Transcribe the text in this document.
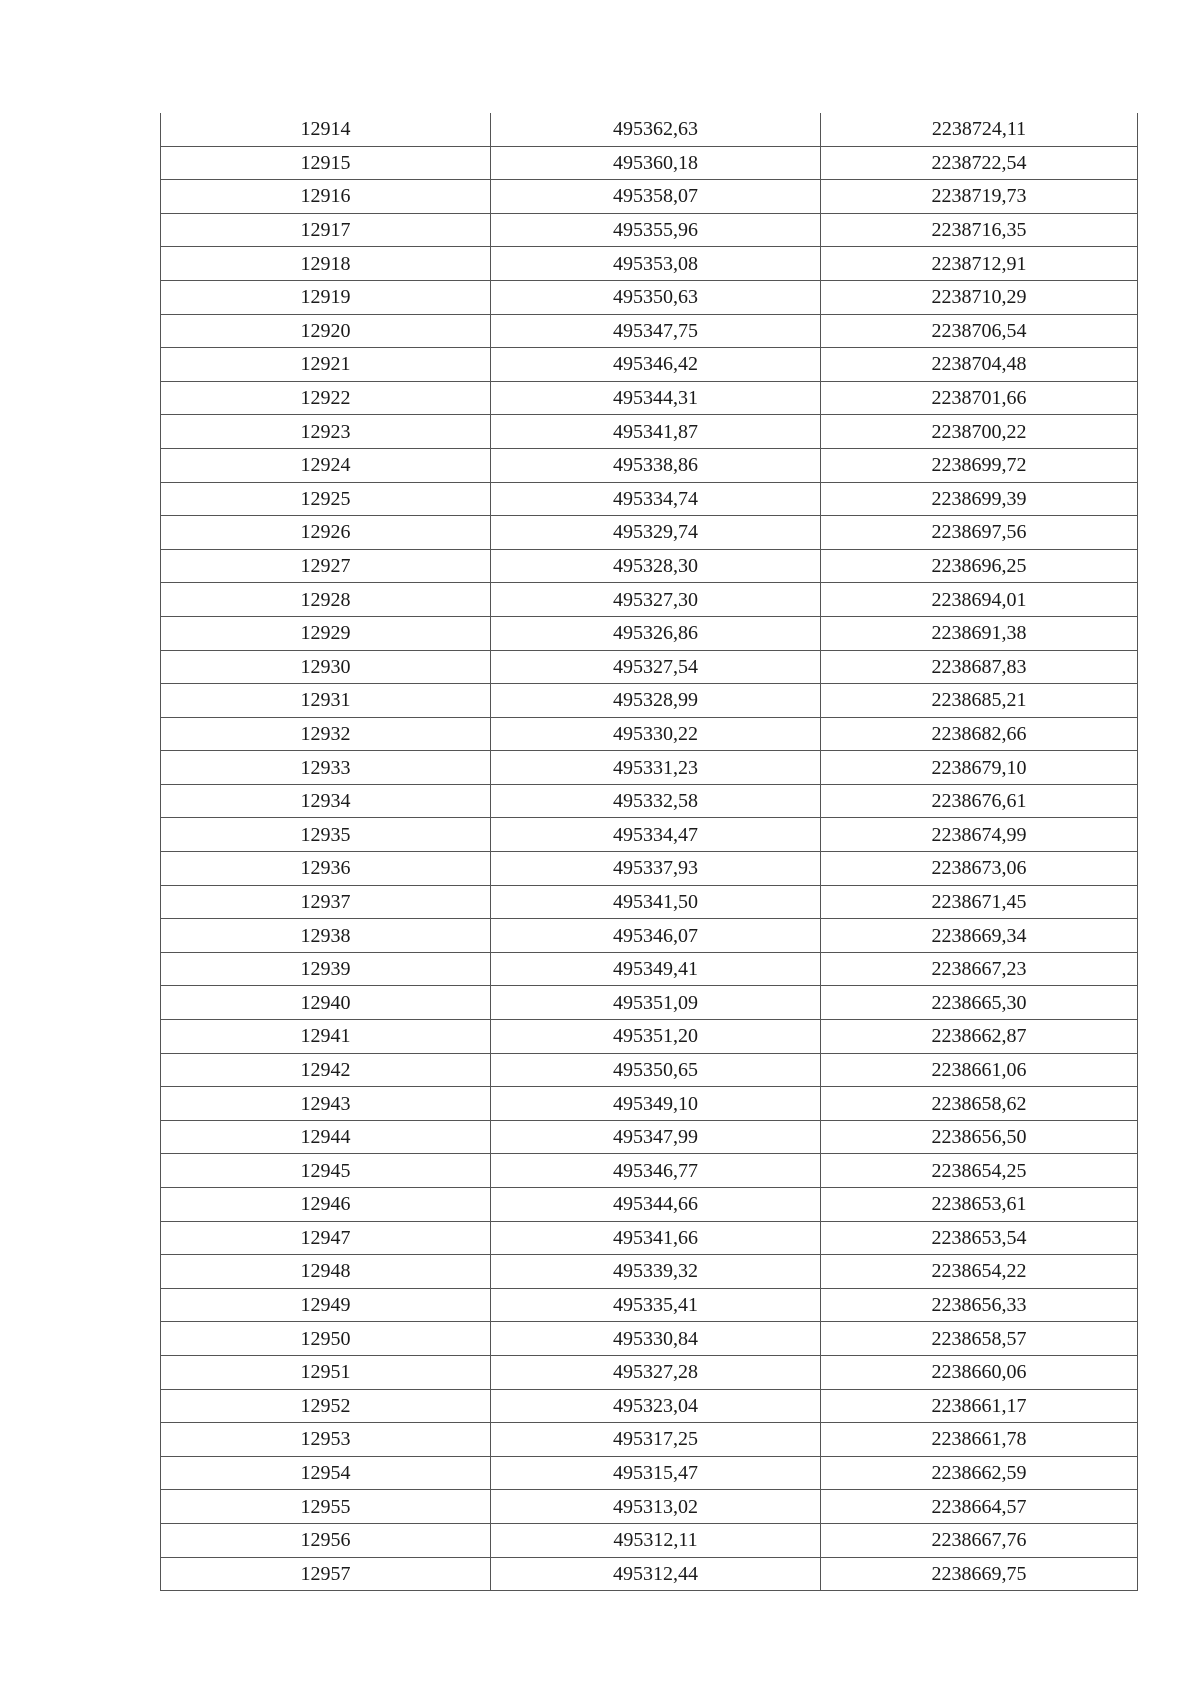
12914	495362,63	2238724,11
12915	495360,18	2238722,54
12916	495358,07	2238719,73
12917	495355,96	2238716,35
12918	495353,08	2238712,91
12919	495350,63	2238710,29
12920	495347,75	2238706,54
12921	495346,42	2238704,48
12922	495344,31	2238701,66
12923	495341,87	2238700,22
12924	495338,86	2238699,72
12925	495334,74	2238699,39
12926	495329,74	2238697,56
12927	495328,30	2238696,25
12928	495327,30	2238694,01
12929	495326,86	2238691,38
12930	495327,54	2238687,83
12931	495328,99	2238685,21
12932	495330,22	2238682,66
12933	495331,23	2238679,10
12934	495332,58	2238676,61
12935	495334,47	2238674,99
12936	495337,93	2238673,06
12937	495341,50	2238671,45
12938	495346,07	2238669,34
12939	495349,41	2238667,23
12940	495351,09	2238665,30
12941	495351,20	2238662,87
12942	495350,65	2238661,06
12943	495349,10	2238658,62
12944	495347,99	2238656,50
12945	495346,77	2238654,25
12946	495344,66	2238653,61
12947	495341,66	2238653,54
12948	495339,32	2238654,22
12949	495335,41	2238656,33
12950	495330,84	2238658,57
12951	495327,28	2238660,06
12952	495323,04	2238661,17
12953	495317,25	2238661,78
12954	495315,47	2238662,59
12955	495313,02	2238664,57
12956	495312,11	2238667,76
12957	495312,44	2238669,75
